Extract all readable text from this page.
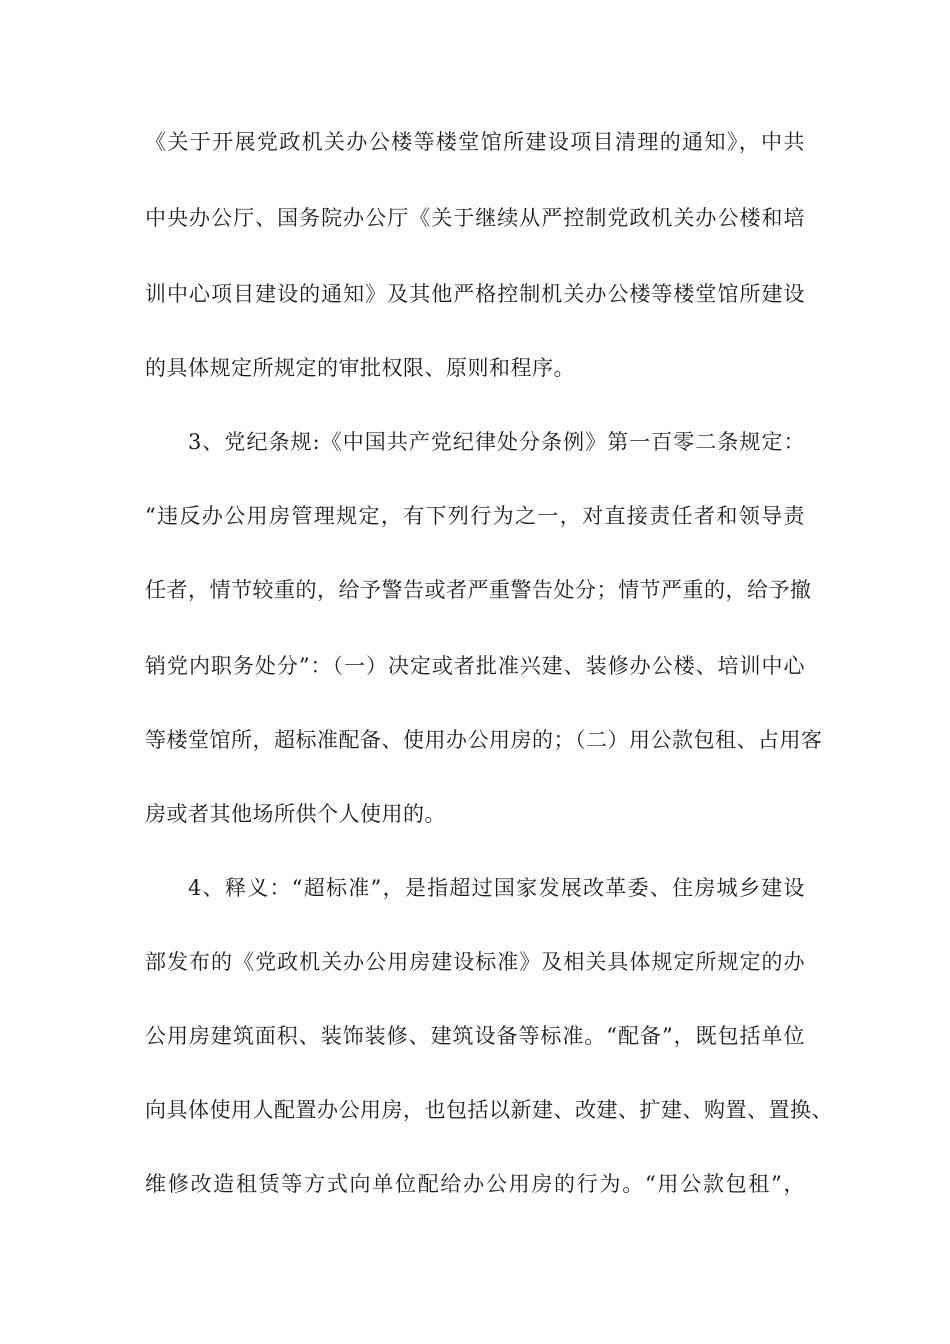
《关于开展党政机关办公楼等楼堂馆所建设项目清理的通知》，中共
中央办公厅、国务院办公厅《关于继续从严控制党政机关办公楼和培
训中心项目建设的通知》及其他严格控制机关办公楼等楼堂馆所建设
的具体规定所规定的审批权限、原则和程序。
3、党纪条规:《中国共产党纪律处分条例》第一百零二条规定：
“违反办公用房管理规定，有下列行为之一，对直接责任者和领导责
任者，情节较重的，给予警告或者严重警告处分；情节严重的，给予撤
销党内职务处分”：（一）决定或者批准兴建、装修办公楼、培训中心
等楼堂馆所，超标准配备、使用办公用房的；（二）用公款包租、占用客
房或者其他场所供个人使用的。
4、释义：“超标准”，是指超过国家发展改革委、住房城乡建设
部发布的《党政机关办公用房建设标准》及相关具体规定所规定的办
公用房建筑面积、装饰装修、建筑设备等标准。“配备”，既包括单位
向具体使用人配置办公用房，也包括以新建、改建、扩建、购置、置换、
维修改造租赁等方式向单位配给办公用房的行为。“用公款包租”，
